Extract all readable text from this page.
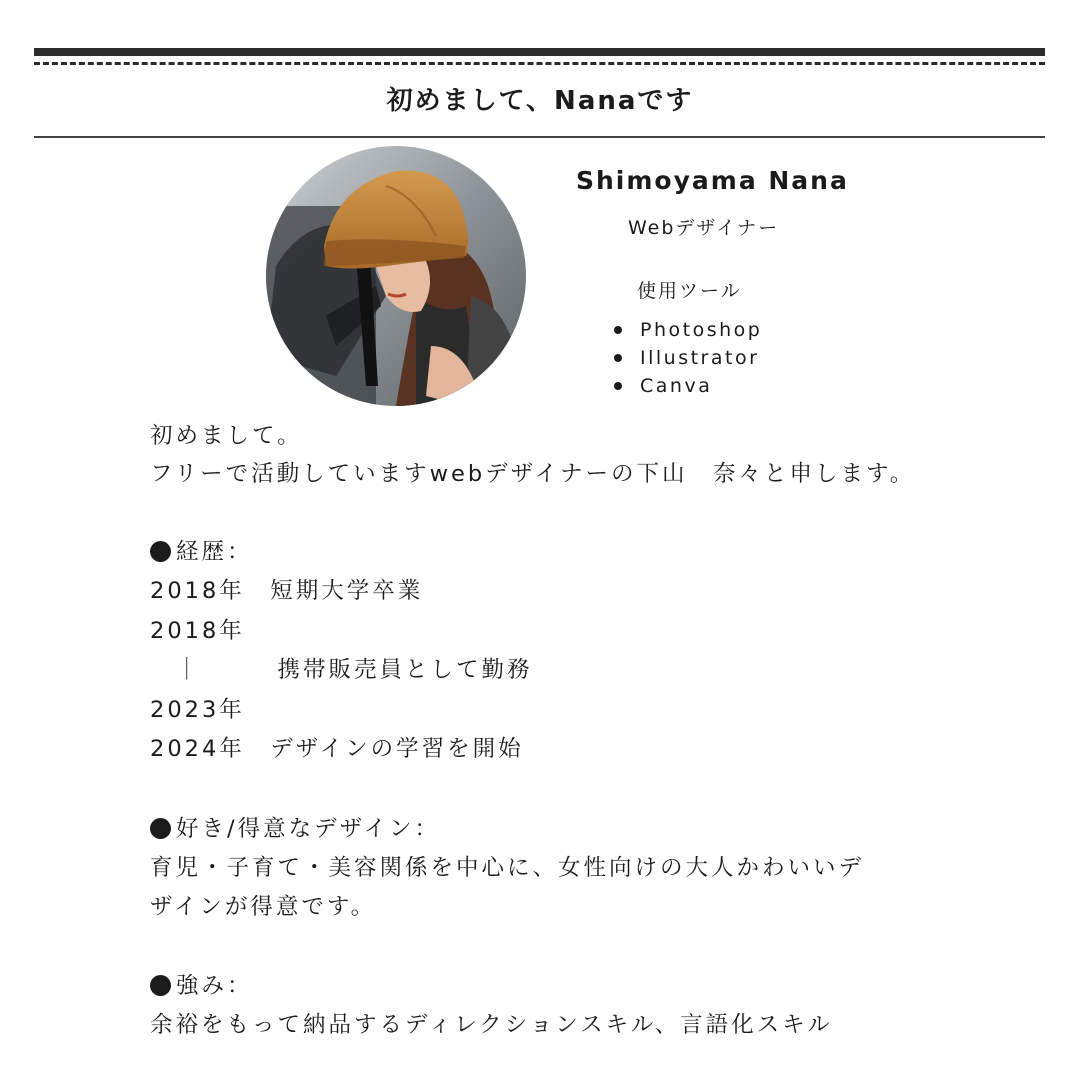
初めまして、Nanaです
Shimoyama Nana
Webデザイナー
使用ツール
Photoshop
Illustrator
Canva
初めまして。
フリーで活動していますwebデザイナーの下山　奈々と申します。
経歴：
2018年　短期大学卒業
2018年
　｜　　　携帯販売員として勤務
2023年
2024年　デザインの学習を開始
好き/得意なデザイン：
育児・子育て・美容関係を中心に、女性向けの大人かわいいデ
ザインが得意です。
強み：
余裕をもって納品するディレクションスキル、言語化スキル
